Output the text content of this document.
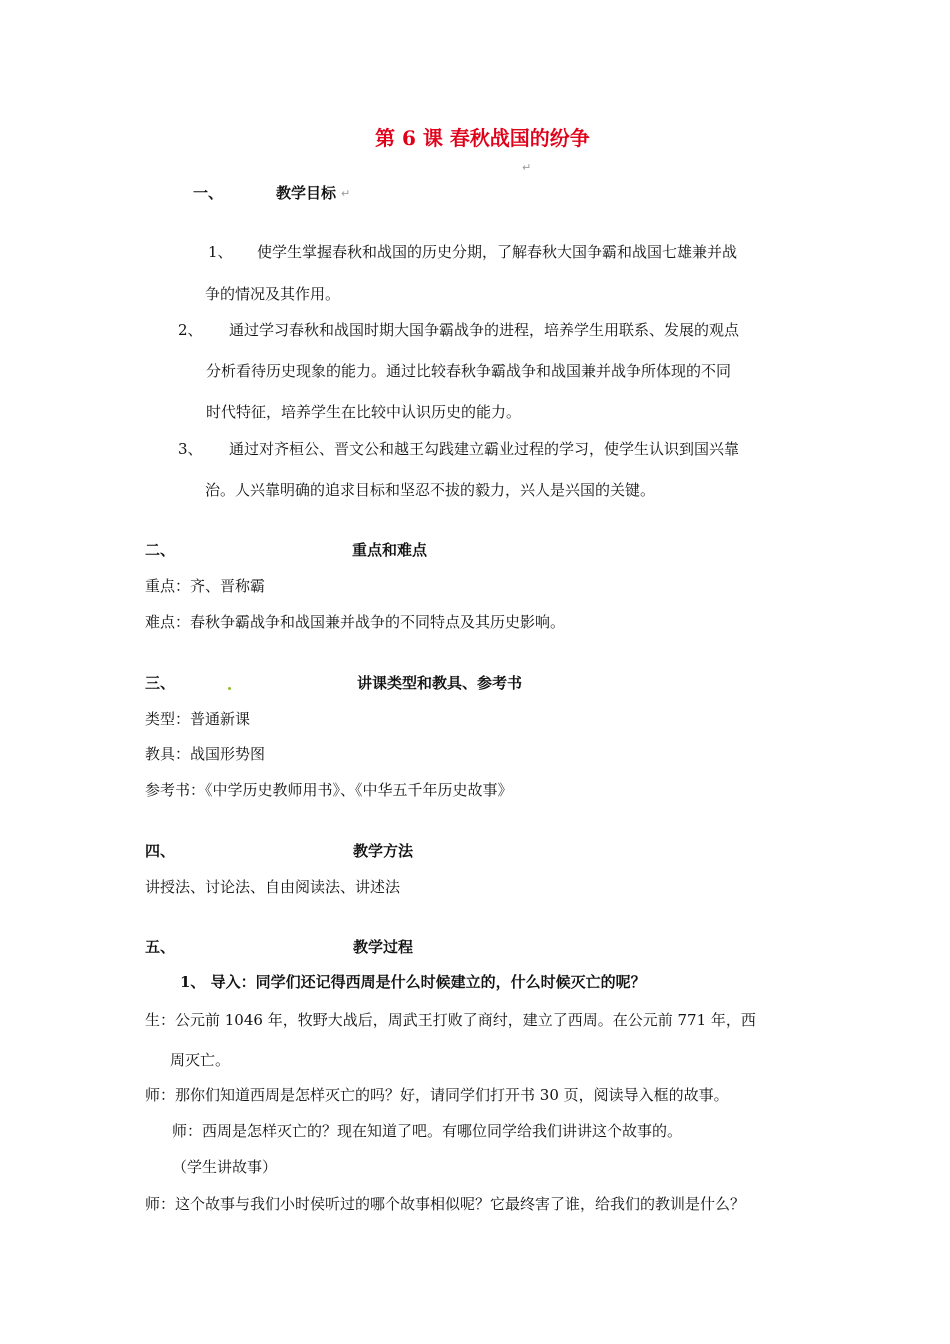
第 6 课 春秋战国的纷争
↵
一、	教学目标 ↵
1、 使学生掌握春秋和战国的历史分期，了解春秋大国争霸和战国七雄兼并战
争的情况及其作用。
2、 通过学习春秋和战国时期大国争霸战争的进程，培养学生用联系、发展的观点
分析看待历史现象的能力。通过比较春秋争霸战争和战国兼并战争所体现的不同
时代特征，培养学生在比较中认识历史的能力。
3、 通过对齐桓公、晋文公和越王勾践建立霸业过程的学习，使学生认识到国兴靠
治。人兴靠明确的追求目标和坚忍不拔的毅力，兴人是兴国的关键。
二、	重点和难点
重点：齐、晋称霸
难点：春秋争霸战争和战国兼并战争的不同特点及其历史影响。
三、	讲课类型和教具、参考书
类型：普通新课
教具：战国形势图
参考书：《中学历史教师用书》、《中华五千年历史故事》
四、	教学方法
讲授法、讨论法、自由阅读法、讲述法
五、	教学过程
1、 导入：同学们还记得西周是什么时候建立的，什么时候灭亡的呢？
生：公元前 1046 年，牧野大战后，周武王打败了商纣，建立了西周。在公元前 771 年，西
周灭亡。
师：那你们知道西周是怎样灭亡的吗？好，请同学们打开书 30 页，阅读导入框的故事。
师：西周是怎样灭亡的？现在知道了吧。有哪位同学给我们讲讲这个故事的。
（学生讲故事）
师：这个故事与我们小时侯听过的哪个故事相似呢？它最终害了谁，给我们的教训是什么？
